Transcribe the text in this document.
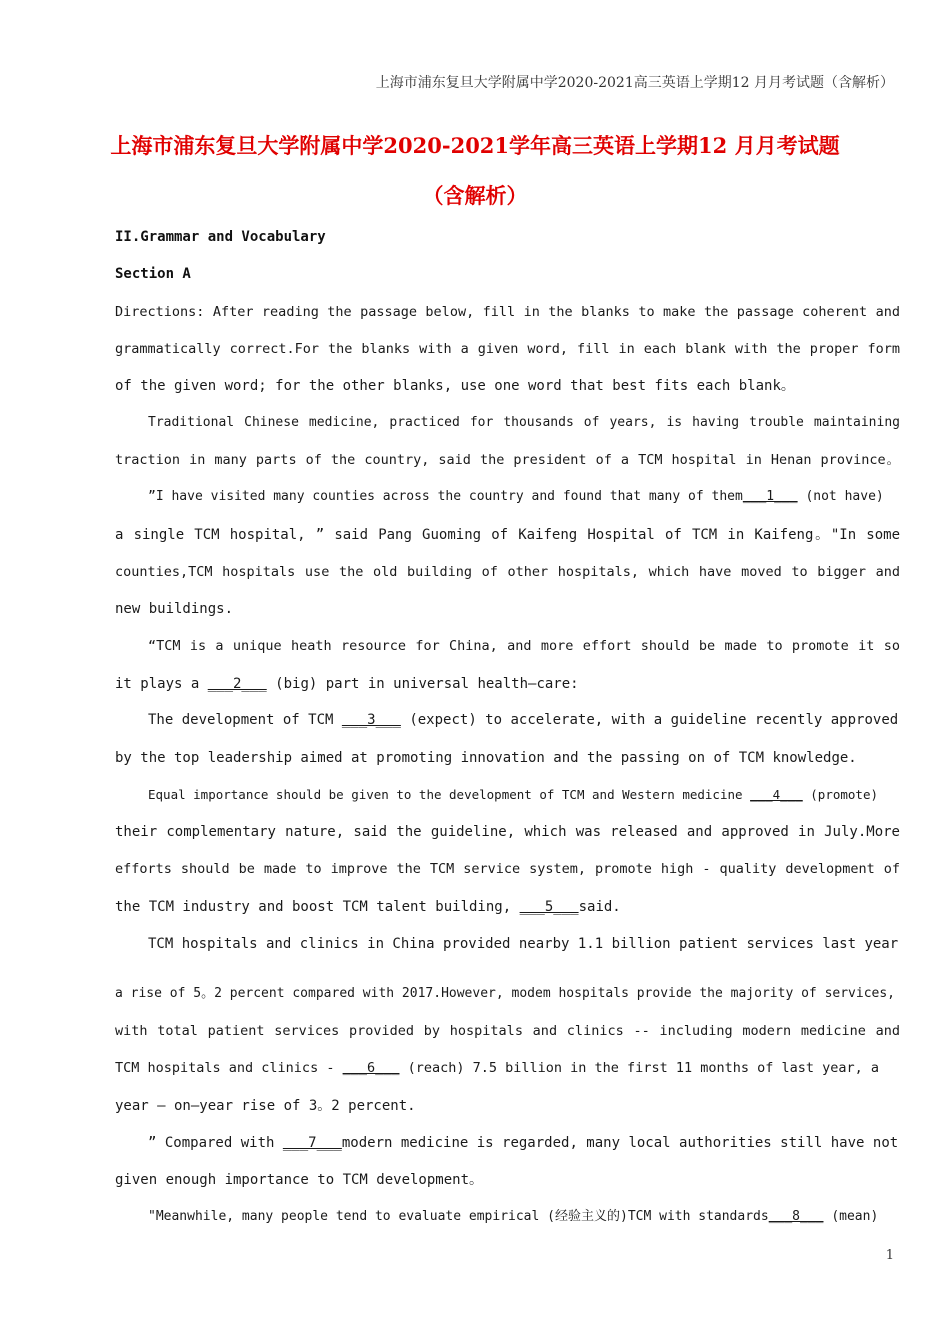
上海市浦东复旦大学附属中学2020-2021高三英语上学期12 月月考试题（含解析）
上海市浦东复旦大学附属中学2020-2021学年高三英语上学期12 月月考试题
（含解析）
II.Grammar and Vocabulary
Section A
Directions: After reading the passage below, fill in the blanks to make the passage coherent and
grammatically correct.For the blanks with a given word, fill in each blank with the proper form
of the given word; for the other blanks, use one word that best fits each blank。
Traditional Chinese medicine, practiced for thousands of years, is having trouble maintaining
traction in many parts of the country, said the president of a TCM hospital in Henan province。
”I have visited many counties across the country and found that many of them___1___ (not have)
a single TCM hospital, ” said Pang Guoming of Kaifeng Hospital of TCM in Kaifeng。"In some
counties,TCM hospitals use the old building of other hospitals, which have moved to bigger and
new buildings.
“TCM is a unique heath resource for China, and more effort should be made to promote it so
it plays a ___2___ (big) part in universal health—care:
The development of TCM ___3___ (expect) to accelerate, with a guideline recently approved
by the top leadership aimed at promoting innovation and the passing on of TCM knowledge.
Equal importance should be given to the development of TCM and Western medicine ___4___ (promote)
their complementary nature, said the guideline, which was released and approved in July.More
efforts should be made to improve the TCM service system, promote high - quality development of
the TCM industry and boost TCM talent building, ___5___said.
TCM hospitals and clinics in China provided nearby 1.1 billion patient services last year
a rise of 5。2 percent compared with 2017.However, modem hospitals provide the majority of services,
with total patient services provided by hospitals and clinics -- including modern medicine and
TCM hospitals and clinics - ___6___ (reach) 7.5 billion in the first 11 months of last year, a
year — on—year rise of 3。2 percent.
” Compared with ___7___modern medicine is regarded, many local authorities still have not
given enough importance to TCM development。
"Meanwhile, many people tend to evaluate empirical (经验主义的)TCM with standards___8___ (mean)
1
